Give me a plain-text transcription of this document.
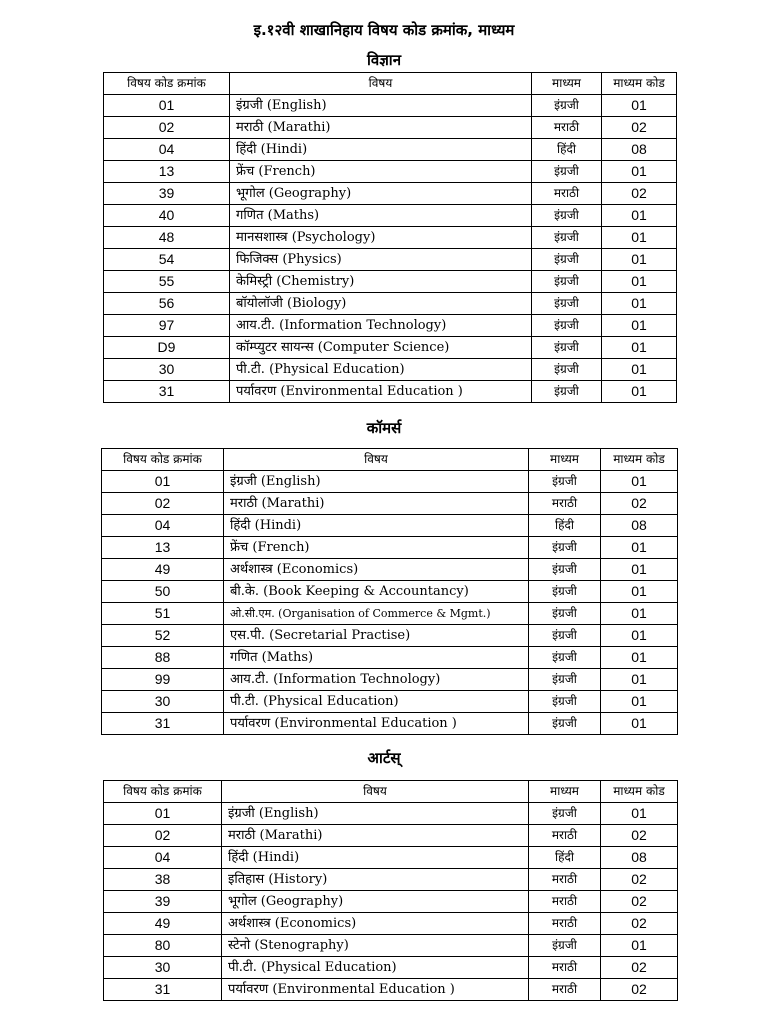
इ.१२वी शाखानिहाय विषय कोड क्रमांक, माध्यम
विज्ञान
विषय कोड क्रमांक	विषय	माध्यम	माध्यम कोड
01	इंग्रजी (English)	इंग्रजी	01
02	मराठी (Marathi)	मराठी	02
04	हिंदी (Hindi)	हिंदी	08
13	फ्रेंच (French)	इंग्रजी	01
39	भूगोल (Geography)	मराठी	02
40	गणित (Maths)	इंग्रजी	01
48	मानसशास्त्र (Psychology)	इंग्रजी	01
54	फिजिक्स (Physics)	इंग्रजी	01
55	केमिस्ट्री (Chemistry)	इंग्रजी	01
56	बॉयोलॉजी (Biology)	इंग्रजी	01
97	आय.टी. (Information Technology)	इंग्रजी	01
D9	कॉम्प्युटर सायन्स (Computer Science)	इंग्रजी	01
30	पी.टी. (Physical Education)	इंग्रजी	01
31	पर्यावरण (Environmental Education )	इंग्रजी	01
कॉमर्स
विषय कोड क्रमांक	विषय	माध्यम	माध्यम कोड
01	इंग्रजी (English)	इंग्रजी	01
02	मराठी (Marathi)	मराठी	02
04	हिंदी (Hindi)	हिंदी	08
13	फ्रेंच (French)	इंग्रजी	01
49	अर्थशास्त्र (Economics)	इंग्रजी	01
50	बी.के. (Book Keeping & Accountancy)	इंग्रजी	01
51	ओ.सी.एम. (Organisation of Commerce & Mgmt.)	इंग्रजी	01
52	एस.पी. (Secretarial Practise)	इंग्रजी	01
88	गणित (Maths)	इंग्रजी	01
99	आय.टी. (Information Technology)	इंग्रजी	01
30	पी.टी. (Physical Education)	इंग्रजी	01
31	पर्यावरण (Environmental Education )	इंग्रजी	01
आर्टस्
विषय कोड क्रमांक	विषय	माध्यम	माध्यम कोड
01	इंग्रजी (English)	इंग्रजी	01
02	मराठी (Marathi)	मराठी	02
04	हिंदी (Hindi)	हिंदी	08
38	इतिहास (History)	मराठी	02
39	भूगोल (Geography)	मराठी	02
49	अर्थशास्त्र (Economics)	मराठी	02
80	स्टेनो (Stenography)	इंग्रजी	01
30	पी.टी. (Physical Education)	मराठी	02
31	पर्यावरण (Environmental Education )	मराठी	02
